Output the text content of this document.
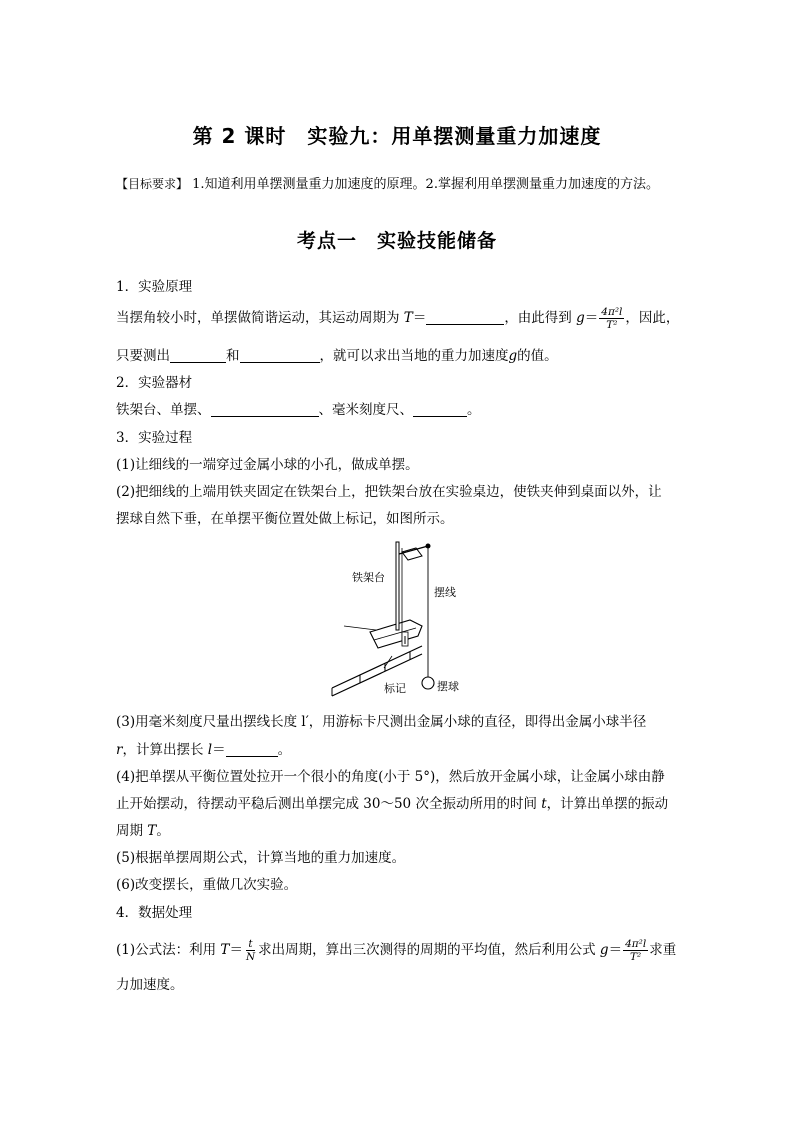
第 2 课时　实验九：用单摆测量重力加速度
【目标要求】 1.知道利用单摆测量重力加速度的原理。2.掌握利用单摆测量重力加速度的方法。
考点一　实验技能储备
1．实验原理
当摆角较小时，单摆做简谐运动，其运动周期为 T＝	，由此得到 $g= \frac{\text{4π²l}}{\text{T²}}$ ，因此，
只要测出	和	，就可以求出当地的重力加速度g的值。
2．实验器材
铁架台、单摆、	、毫米刻度尺、	。
3．实验过程
(1)让细线的一端穿过金属小球的小孔，做成单摆。
(2)把细线的上端用铁夹固定在铁架台上，把铁架台放在实验桌边，使铁夹伸到桌面以外，让
摆球自然下垂，在单摆平衡位置处做上标记，如图所示。
铁架台
摆线
标记	摆球
(3)用毫米刻度尺量出摆线长度 l′，用游标卡尺测出金属小球的直径，即得出金属小球半径
r，计算出摆长 l＝	。
(4)把单摆从平衡位置处拉开一个很小的角度(小于 5°)，然后放开金属小球，让金属小球由静
止开始摆动，待摆动平稳后测出单摆完成 30～50 次全振动所用的时间 t，计算出单摆的振动
周期 T。
(5)根据单摆周期公式，计算当地的重力加速度。
(6)改变摆长，重做几次实验。
4．数据处理
(1)公式法：利用 $T= \frac{t}{N}$ 求出周期，算出三次测得的周期的平均值，然后利用公式 $g= \frac{\text{4π²l}}{\text{T²}}$ 求重
力加速度。
